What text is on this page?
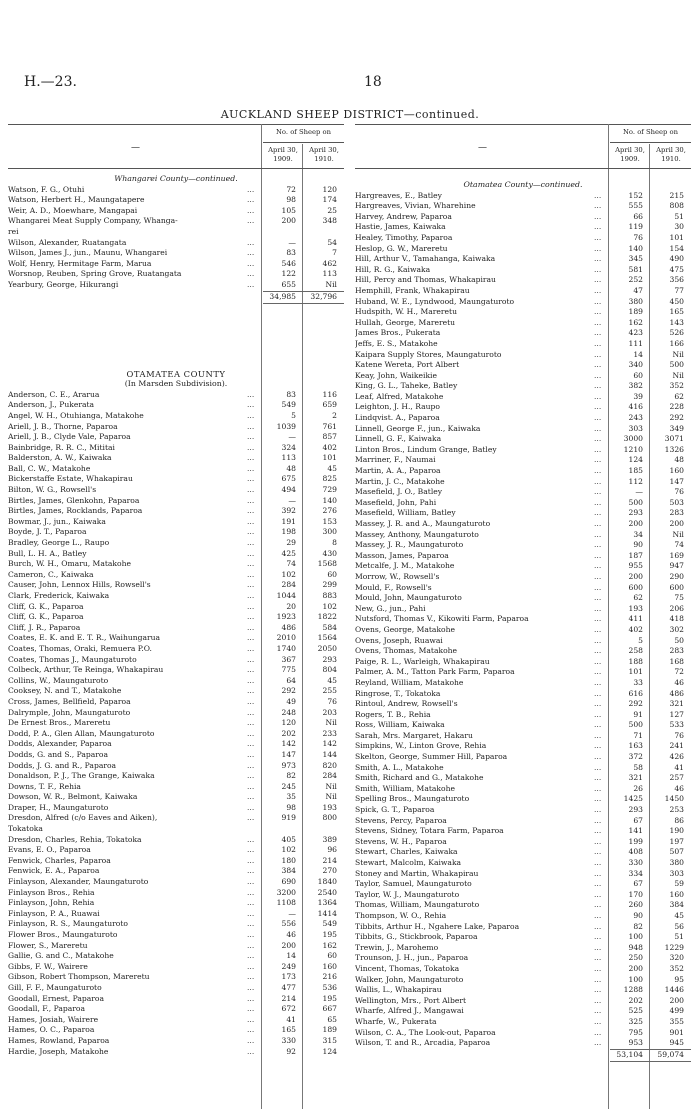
H.—23.	18
AUCKLAND SHEEP DISTRICT—continued.
No. of Sheep on
April 30, 1909.
April 30, 1910.
—
Whangarei County—continued.
Watson, F. G., Otuhi	...	72	120
Watson, Herbert H., Maungatapere	...	98	174
Weir, A. D., Moewhare, Mangapai	...	105	25
Whangarei Meat Supply Company, Whanga-	...	200	348
rei
Wilson, Alexander, Ruatangata	...	—	54
Wilson, James J., jun., Maunu, Whangarei	...	83	7
Wolf, Henry, Hermitage Farm, Marua	...	546	462
Worsnop, Reuben, Spring Grove, Ruatangata	...	122	113
Yearbury, George, Hikurangi	...	655	Nil
34,985	32,796
OTAMATEA COUNTY
(In Marsden Subdivision).
Anderson, C. E., Araruа	...	83	116
Anderson, J., Pukerata	...	549	659
Angel, W. H., Otuhianga, Matakohe	...	5	2
Ariell, J. B., Thorne, Paparoa	...	1039	761
Ariell, J. B., Clyde Vale, Paparoa	...	—	857
Bainbridge, R. R. C., Mititai	...	324	402
Balderston, A. W., Kaiwaka	...	113	101
Ball, C. W., Matakohe	...	48	45
Bickerstaffe Estate, Whakapirau	...	675	825
Bilton, W. G., Rowsell's	...	494	729
Birtles, James, Glenkohn, Paparoa	...	—	140
Birtles, James, Rocklands, Paparoa	...	392	276
Bowmar, J., jun., Kaiwaka	...	191	153
Boyde, J. T., Paparoa	...	198	300
Bradley, George L., Raupo	...	29	8
Bull, L. H. A., Batley	...	425	430
Burch, W. H., Omaru, Matakohe	...	74	1568
Cameron, C., Kaiwaka	...	102	60
Causer, John, Lennox Hills, Rowsell's	...	284	299
Clark, Frederick, Kaiwaka	...	1044	883
Cliff, G. K., Paparoa	...	20	102
Cliff, G. K., Paparoa	...	1923	1822
Cliff, J. R., Paparoa	...	486	584
Coates, E. K. and E. T. R., Waihungaruа	...	2010	1564
Coates, Thomas, Oraki, Remuera P.O.	...	1740	2050
Coates, Thomas J., Maungaturoto	...	367	293
Colbeck, Arthur, Te Reinga, Whakapirau	...	775	804
Collins, W., Maungaturoto	...	64	45
Cooksey, N. and T., Matakohe	...	292	255
Cross, James, Bellfield, Paparoa	...	49	76
Dalrymple, John, Maungaturoto	...	248	203
De Ernest Bros., Mareretu	...	120	Nil
Dodd, P. A., Glen Allan, Maungaturoto	...	202	233
Dodds, Alexander, Paparoa	...	142	142
Dodds, G. and S., Paparoa	...	147	144
Dodds, J. G. and R., Paparoa	...	973	820
Donaldson, P. J., The Grange, Kaiwaka	...	82	284
Downs, T. F., Rehia	...	245	Nil
Dowson, W. R., Belmont, Kaiwaka	...	35	Nil
Draper, H., Maungaturoto	...	98	193
Dresdon, Alfred (c/o Eaves and Aiken),	...	919	800
Tokatoka
Dresdon, Charles, Rehia, Tokatoka	...	405	389
Evans, E. O., Paparoa	...	102	96
Fenwick, Charles, Paparoa	...	180	214
Fenwick, E. A., Paparoa	...	384	270
Finlayson, Alexander, Maungaturoto	...	690	1840
Finlayson Bros., Rehia	...	3200	2540
Finlayson, John, Rehia	...	1108	1364
Finlayson, P. A., Ruawai	...	—	1414
Finlayson, R. S., Maungaturoto	...	556	549
Flower Bros., Maungaturoto	...	46	195
Flower, S., Mareretu	...	200	162
Gallie, G. and C., Matakohe	...	14	60
Gibbs, F. W., Wairere	...	249	160
Gibson, Robert Thompson, Mareretu	...	173	216
Gill, F. F., Maungaturoto	...	477	536
Goodall, Ernest, Paparoa	...	214	195
Goodall, F., Paparoa	...	672	667
Hames, Josiah, Wairere	...	41	65
Hames, O. C., Paparoa	...	165	189
Hames, Rowland, Paparoa	...	330	315
Hardie, Joseph, Matakohe	...	92	124
No. of Sheep on
April 30, 1909.
April 30, 1910.
—
Otamatea County—continued.
Hargreaves, E., Batley	...	152	215
Hargreaves, Vivian, Wharehine	...	555	808
Harvey, Andrew, Paparoa	...	66	51
Hastie, James, Kaiwaka	...	119	30
Healey, Timothy, Paparoa	...	76	101
Heslop, G. W., Mareretu	...	140	154
Hill, Arthur V., Tamahanga, Kaiwaka	...	345	490
Hill, R. G., Kaiwaka	...	581	475
Hill, Percy and Thomas, Whakapirau	...	252	356
Hemphill, Frank, Whakapirau	...	47	77
Huband, W. E., Lyndwood, Maungaturoto	...	380	450
Hudspith, W. H., Mareretu	...	189	165
Hullah, George, Mareretu	...	162	143
James Bros., Pukerata	...	423	526
Jeffs, E. S., Matakohe	...	111	166
Kaipara Supply Stores, Maungaturoto	...	14	Nil
Katene Wereta, Port Albert	...	340	500
Keay, John, Waikeikie	...	60	Nil
King, G. L., Taheke, Batley	...	382	352
Leaf, Alfred, Matakohe	...	39	62
Leighton, J. H., Raupo	...	416	228
Lindqvist. A., Paparoa	...	243	292
Linnell, George F., jun., Kaiwaka	...	303	349
Linnell, G. F., Kaiwaka	...	3000	3071
Linton Bros., Lindum Grange, Batley	...	1210	1326
Marriner, F., Naumai	...	124	48
Martin, A. A., Paparoa	...	185	160
Martin, J. C., Matakohe	...	112	147
Masefield, J. O., Batley	...	—	76
Masefield, John, Pahi	...	500	503
Masefield, William, Batley	...	293	283
Massey, J. R. and A., Maungaturoto	...	200	200
Massey, Anthony, Maungaturoto	...	34	Nil
Massey, J. R., Maungaturoto	...	90	74
Masson, James, Paparoa	...	187	169
Metcalfe, J. M., Matakohe	...	955	947
Morrow, W., Rowsell's	...	200	290
Mould, F., Rowsell's	...	600	600
Mould, John, Maungaturoto	...	62	75
New, G., jun., Pahi	...	193	206
Nutsford, Thomas V., Kikowiti Farm, Paparoa	...	411	418
Ovens, George, Matakohe	...	402	302
Ovens, Joseph, Ruawai	...	5	50
Ovens, Thomas, Matakohe	...	258	283
Paige, R. L., Warleigh, Whakapirau	...	188	168
Palmer, A. M., Tatton Park Farm, Paparoa	...	101	72
Reyland, William, Matakohe	...	33	46
Ringrose, T., Tokatoka	...	616	486
Rintoul, Andrew, Rowsell's	...	292	321
Rogers, T. B., Rehia	...	91	127
Ross, William, Kaiwaka	...	500	533
Sarah, Mrs. Margaret, Hakaru	...	71	76
Simpkins, W., Linton Grove, Rehia	...	163	241
Skelton, George, Summer Hill, Paparoa	...	372	426
Smith, A. L., Matakohe	...	58	41
Smith, Richard and G., Matakohe	...	321	257
Smith, William, Matakohe	...	26	46
Spelling Bros., Maungaturoto	...	1425	1450
Spick, G. T., Paparoa	...	293	253
Stevens, Percy, Paparoa	...	67	86
Stevens, Sidney, Totara Farm, Paparoa	...	141	190
Stevens, W. H., Paparoa	...	199	197
Stewart, Charles, Kaiwaka	...	408	507
Stewart, Malcolm, Kaiwaka	...	330	380
Stoney and Martin, Whakapirau	...	334	303
Taylor, Samuel, Maungaturoto	...	67	59
Taylor, W. J., Maungaturoto	...	170	160
Thomas, William, Maungaturoto	...	260	384
Thompson, W. O., Rehia	...	90	45
Tibbits, Arthur H., Ngahere Lake, Paparoa	...	82	56
Tibbits, G., Stickbrook, Paparoa	...	100	51
Trewin, J., Marohemo	...	948	1229
Trounson, J. H., jun., Paparoa	...	250	320
Vincent, Thomas, Tokatoka	...	200	352
Walker, John, Maungaturoto	...	100	95
Wallis, L., Whakapirau	...	1288	1446
Wellington, Mrs., Port Albert	...	202	200
Wharfe, Alfred J., Mangawai	...	525	499
Wharfe, W., Pukerata	...	325	355
Wilson, C. A., The Look-out, Paparoa	...	795	901
Wilson, T. and R., Arcadia, Paparoa	...	953	945
53,104	59,074
